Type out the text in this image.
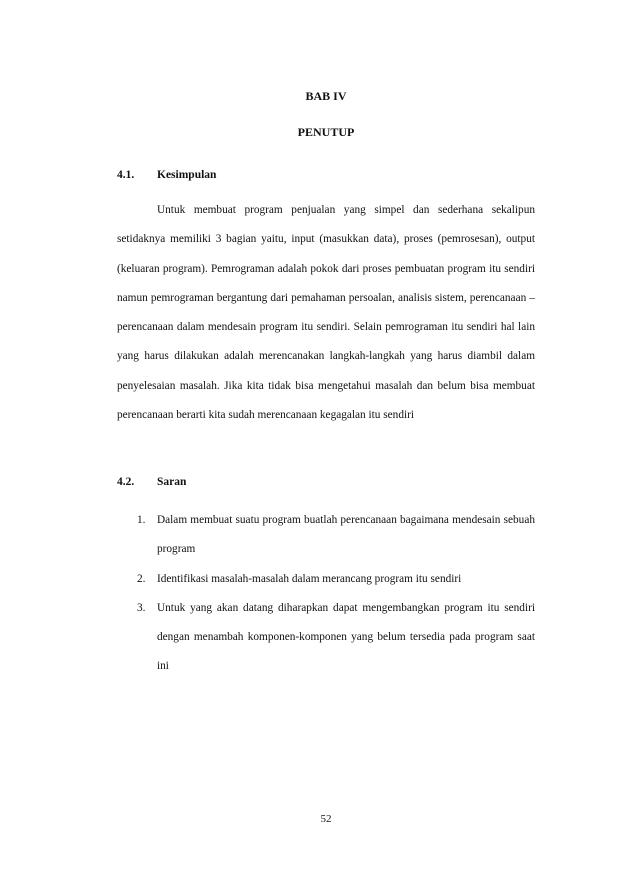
BAB IV
PENUTUP
4.1. Kesimpulan

Untuk membuat program penjualan yang simpel dan sederhana sekalipun setidaknya memiliki 3 bagian yaitu, input (masukkan data), proses (pemrosesan), output (keluaran program). Pemrograman adalah pokok dari proses pembuatan program itu sendiri namun pemrograman bergantung dari pemahaman persoalan, analisis sistem, perencanaan – perencanaan dalam mendesain program itu sendiri. Selain pemrograman itu sendiri hal lain yang harus dilakukan adalah merencanakan langkah-langkah yang harus diambil dalam penyelesaian masalah. Jika kita tidak bisa mengetahui masalah dan belum bisa membuat perencanaan berarti kita sudah merencanaan kegagalan itu sendiri

4.2. Saran
1. Dalam membuat suatu program buatlah perencanaan bagaimana mendesain sebuah program
2. Identifikasi masalah-masalah dalam merancang program itu sendiri
3. Untuk yang akan datang diharapkan dapat mengembangkan program itu sendiri dengan menambah komponen-komponen yang belum tersedia pada program saat ini
52
